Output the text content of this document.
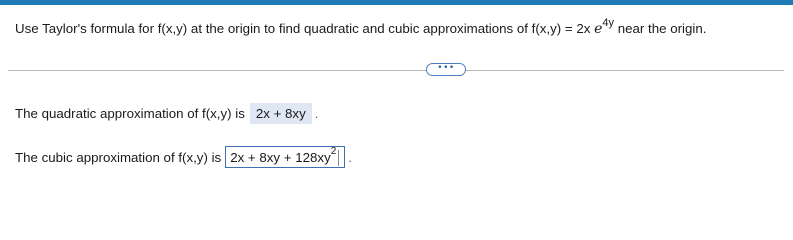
Use Taylor's formula for f(x,y) at the origin to find quadratic and cubic approximations of f(x,y) = 2x $e^{4y}$ near the origin.
•••
The quadratic approximation of f(x,y) is 2x + 8xy .
The cubic approximation of f(x,y) is $2x + 8xy + 128xy^2$ .
